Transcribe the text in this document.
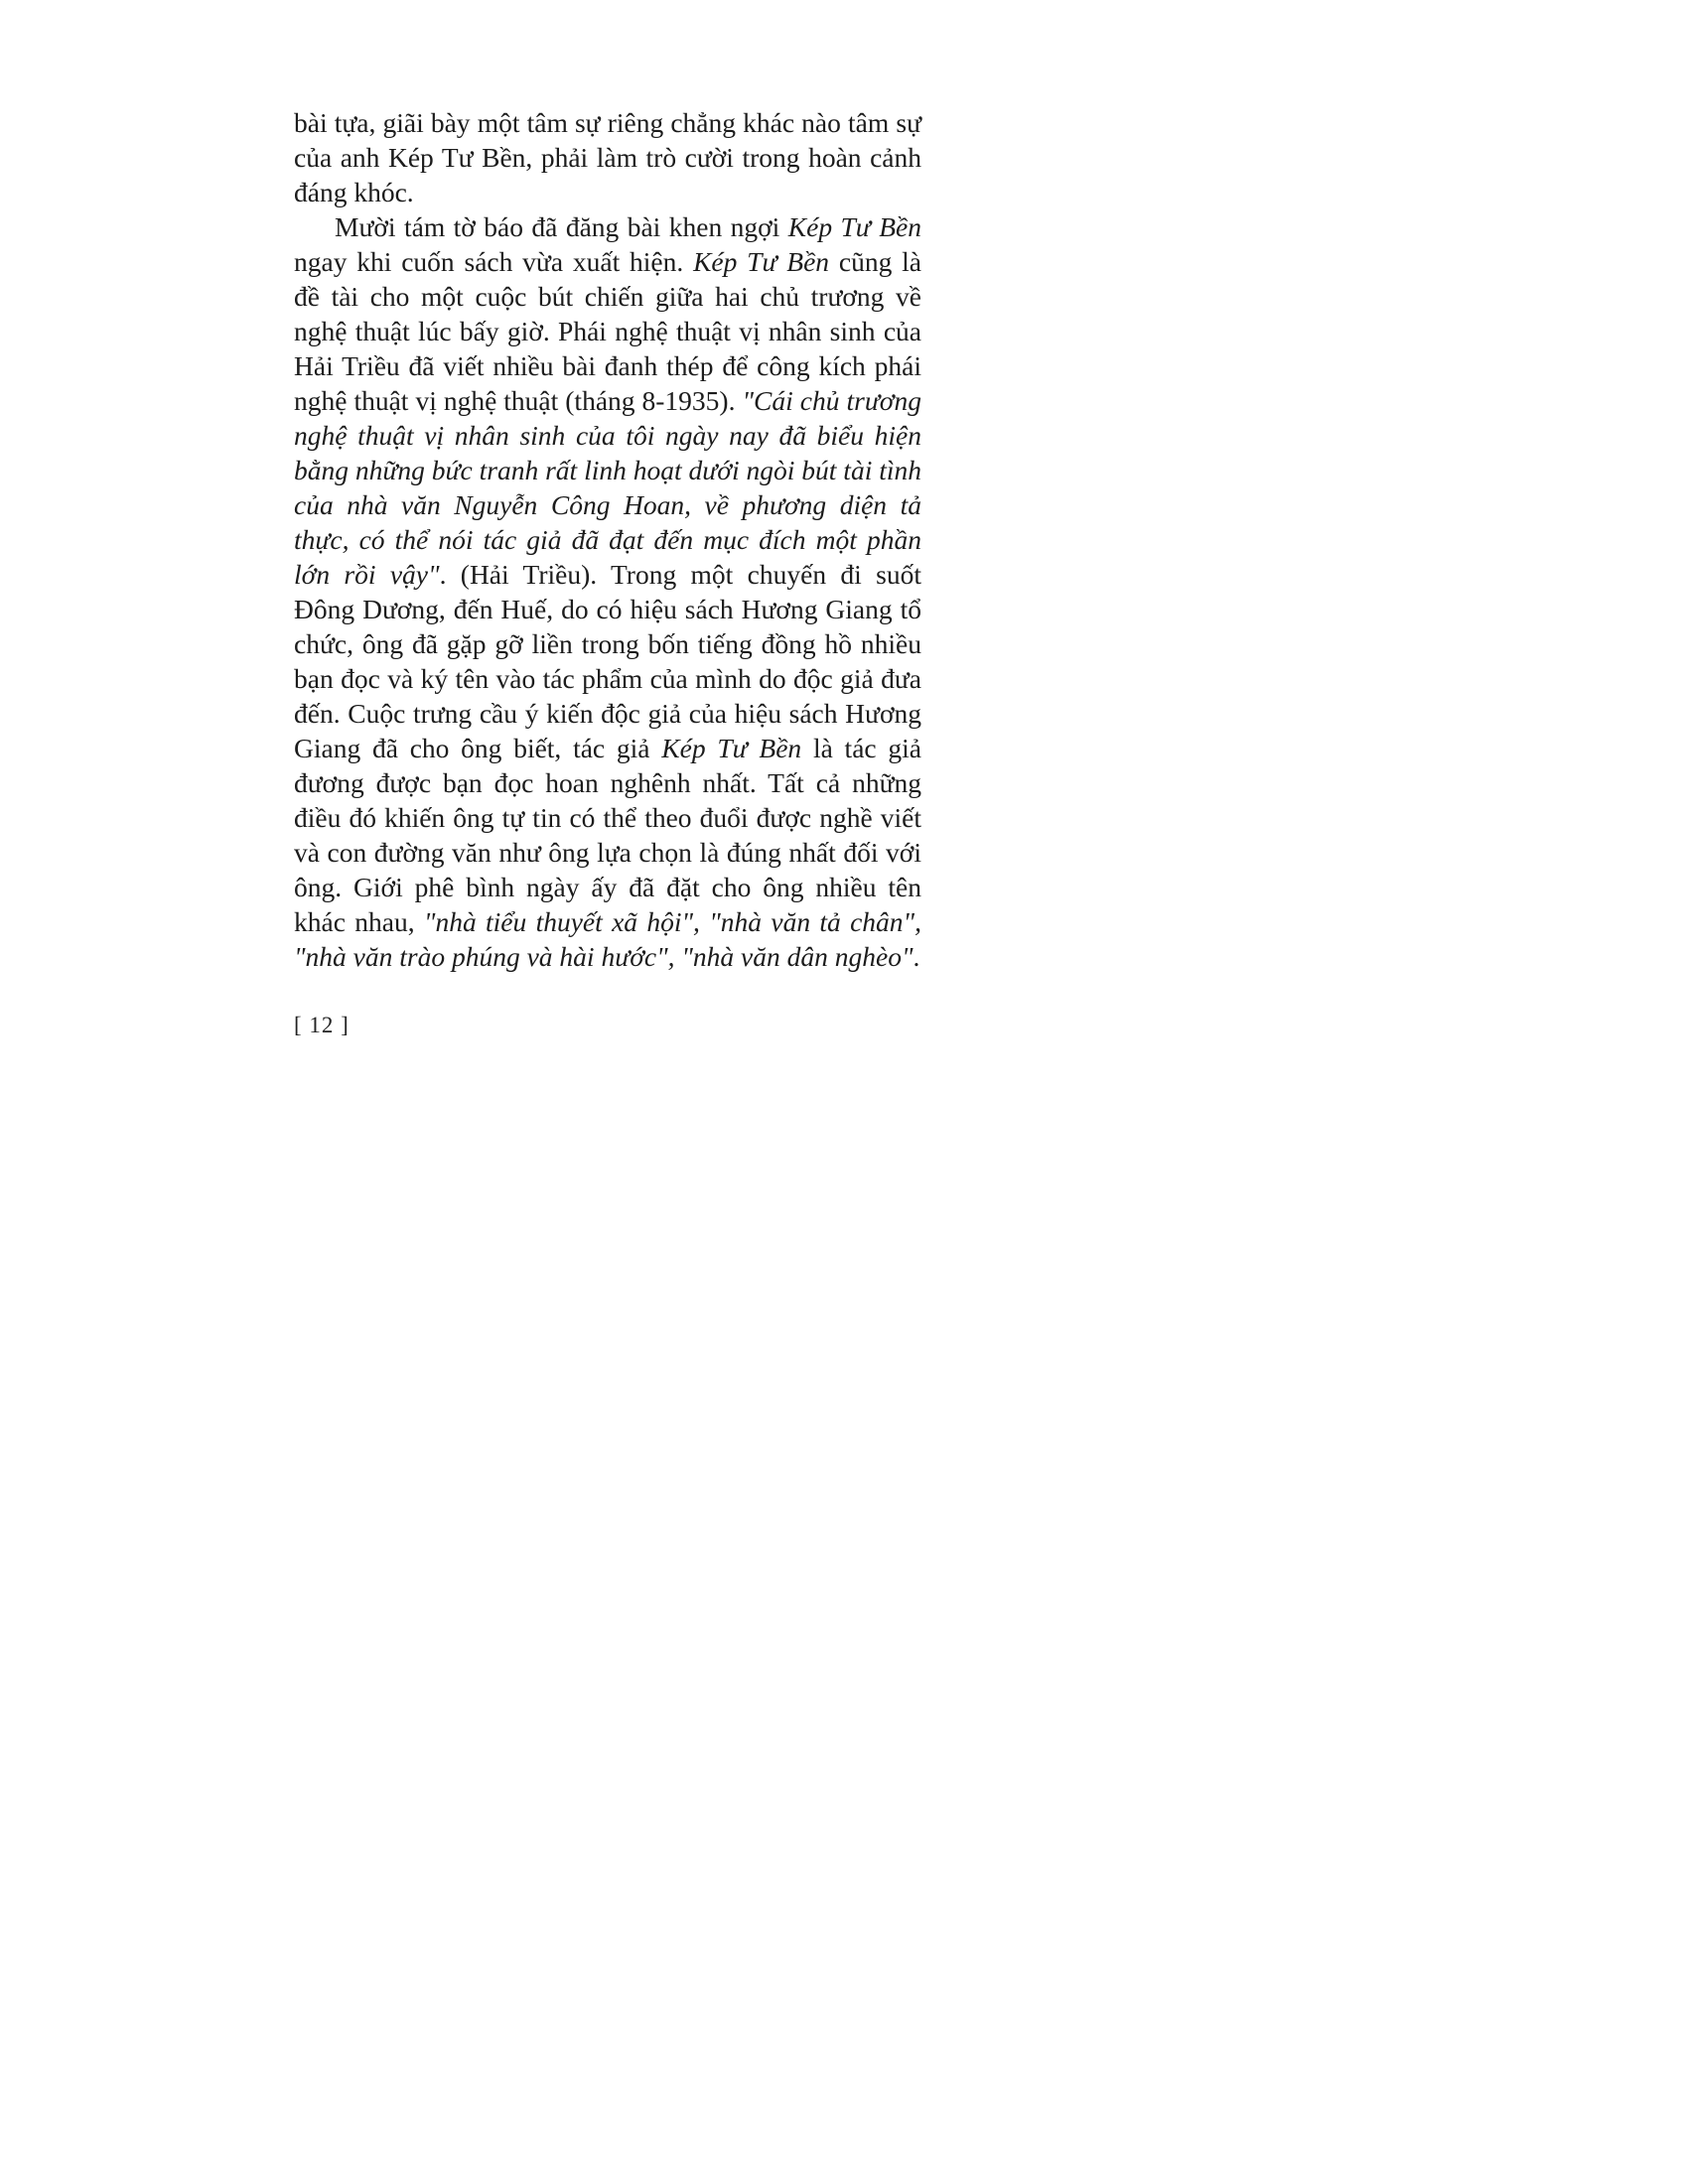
bài tựa, giãi bày một tâm sự riêng chẳng khác nào tâm sự của anh Kép Tư Bền, phải làm trò cười trong hoàn cảnh đáng khóc.

Mười tám tờ báo đã đăng bài khen ngợi Kép Tư Bền ngay khi cuốn sách vừa xuất hiện. Kép Tư Bền cũng là đề tài cho một cuộc bút chiến giữa hai chủ trương về nghệ thuật lúc bấy giờ. Phái nghệ thuật vị nhân sinh của Hải Triều đã viết nhiều bài đanh thép để công kích phái nghệ thuật vị nghệ thuật (tháng 8-1935). "Cái chủ trương nghệ thuật vị nhân sinh của tôi ngày nay đã biểu hiện bằng những bức tranh rất linh hoạt dưới ngòi bút tài tình của nhà văn Nguyễn Công Hoan, về phương diện tả thực, có thể nói tác giả đã đạt đến mục đích một phần lớn rồi vậy". (Hải Triều). Trong một chuyến đi suốt Đông Dương, đến Huế, do có hiệu sách Hương Giang tổ chức, ông đã gặp gỡ liền trong bốn tiếng đồng hồ nhiều bạn đọc và ký tên vào tác phẩm của mình do độc giả đưa đến. Cuộc trưng cầu ý kiến độc giả của hiệu sách Hương Giang đã cho ông biết, tác giả Kép Tư Bền là tác giả đương được bạn đọc hoan nghênh nhất. Tất cả những điều đó khiến ông tự tin có thể theo đuổi được nghề viết và con đường văn như ông lựa chọn là đúng nhất đối với ông. Giới phê bình ngày ấy đã đặt cho ông nhiều tên khác nhau, "nhà tiểu thuyết xã hội", "nhà văn tả chân", "nhà văn trào phúng và hài hước", "nhà văn dân nghèo".

[ 12 ]
